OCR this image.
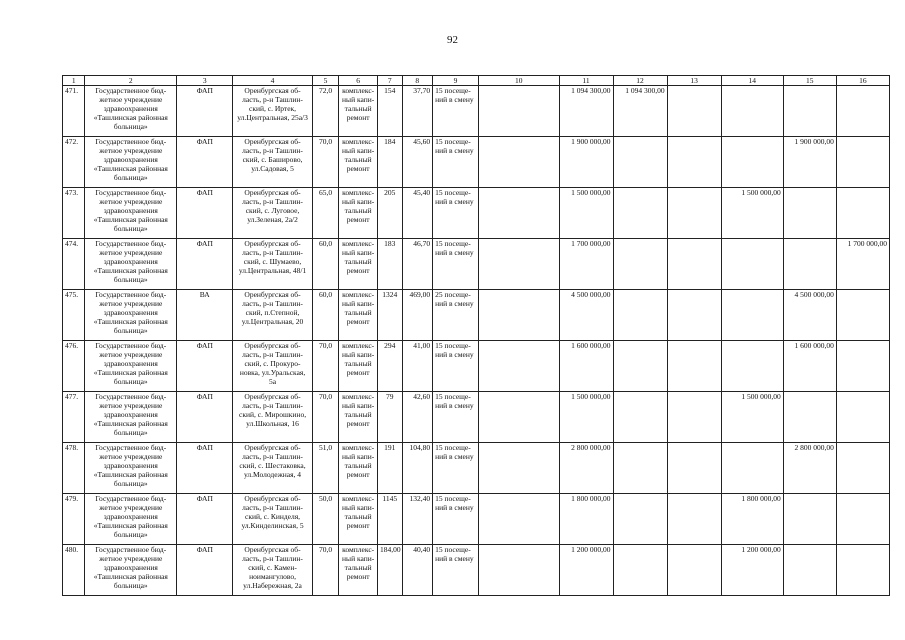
92
1	2	3	4	5	6	7	8	9	10	11	12	13	14	15	16
471.	Государственное бюд-
жетное учреждение
здравоохранения
«Ташлинская районная
больница»	ФАП	Оренбургская об-
ласть, р-н Ташлин-
ский, с. Иртек,
ул.Центральная, 25а/3	72,0	комплекс-
ный капи-
тальный
ремонт	154	37,70	15 посеще-
ний в смену		1 094 300,00	1 094 300,00				
472.	Государственное бюд-
жетное учреждение
здравоохранения
«Ташлинская районная
больница»	ФАП	Оренбургская об-
ласть, р-н Ташлин-
ский, с. Баширово,
ул.Садовая, 5	70,0	комплекс-
ный капи-
тальный
ремонт	184	45,60	15 посеще-
ний в смену		1 900 000,00				1 900 000,00	
473.	Государственное бюд-
жетное учреждение
здравоохранения
«Ташлинская районная
больница»	ФАП	Оренбургская об-
ласть, р-н Ташлин-
ский, с. Луговое,
ул.Зеленая, 2а/2	65,0	комплекс-
ный капи-
тальный
ремонт	205	45,40	15 посеще-
ний в смену		1 500 000,00			1 500 000,00		
474.	Государственное бюд-
жетное учреждение
здравоохранения
«Ташлинская районная
больница»	ФАП	Оренбургская об-
ласть, р-н Ташлин-
ский, с. Шумаево,
ул.Центральная, 48/1	60,0	комплекс-
ный капи-
тальный
ремонт	183	46,70	15 посеще-
ний в смену		1 700 000,00					1 700 000,00
475.	Государственное бюд-
жетное учреждение
здравоохранения
«Ташлинская районная
больница»	ВА	Оренбургская об-
ласть, р-н Ташлин-
ский, п.Степной,
ул.Центральная, 20	60,0	комплекс-
ный капи-
тальный
ремонт	1324	469,00	25 посеще-
ний в смену		4 500 000,00				4 500 000,00	
476.	Государственное бюд-
жетное учреждение
здравоохранения
«Ташлинская районная
больница»	ФАП	Оренбургская об-
ласть, р-н Ташлин-
ский, с. Прокуро-
новка, ул.Уральская,
5а	70,0	комплекс-
ный капи-
тальный
ремонт	294	41,00	15 посеще-
ний в смену		1 600 000,00				1 600 000,00	
477.	Государственное бюд-
жетное учреждение
здравоохранения
«Ташлинская районная
больница»	ФАП	Оренбургская об-
ласть, р-н Ташлин-
ский, с. Мирошкино,
ул.Школьная, 16	70,0	комплекс-
ный капи-
тальный
ремонт	79	42,60	15 посеще-
ний в смену		1 500 000,00			1 500 000,00		
478.	Государственное бюд-
жетное учреждение
здравоохранения
«Ташлинская районная
больница»	ФАП	Оренбургская об-
ласть, р-н Ташлин-
ский, с. Шестаковка,
ул.Молодежная, 4	51,0	комплекс-
ный капи-
тальный
ремонт	191	104,80	15 посеще-
ний в смену		2 800 000,00				2 800 000,00	
479.	Государственное бюд-
жетное учреждение
здравоохранения
«Ташлинская районная
больница»	ФАП	Оренбургская об-
ласть, р-н Ташлин-
ский, с. Кинделя,
ул.Кинделинская, 5	50,0	комплекс-
ный капи-
тальный
ремонт	1145	132,40	15 посеще-
ний в смену		1 800 000,00			1 800 000,00		
480.	Государственное бюд-
жетное учреждение
здравоохранения
«Ташлинская районная
больница»	ФАП	Оренбургская об-
ласть, р-н Ташлин-
ский, с. Камен-
ноимангулово,
ул.Набережная, 2а	70,0	комплекс-
ный капи-
тальный
ремонт	184,00	40,40	15 посеще-
ний в смену		1 200 000,00			1 200 000,00		
